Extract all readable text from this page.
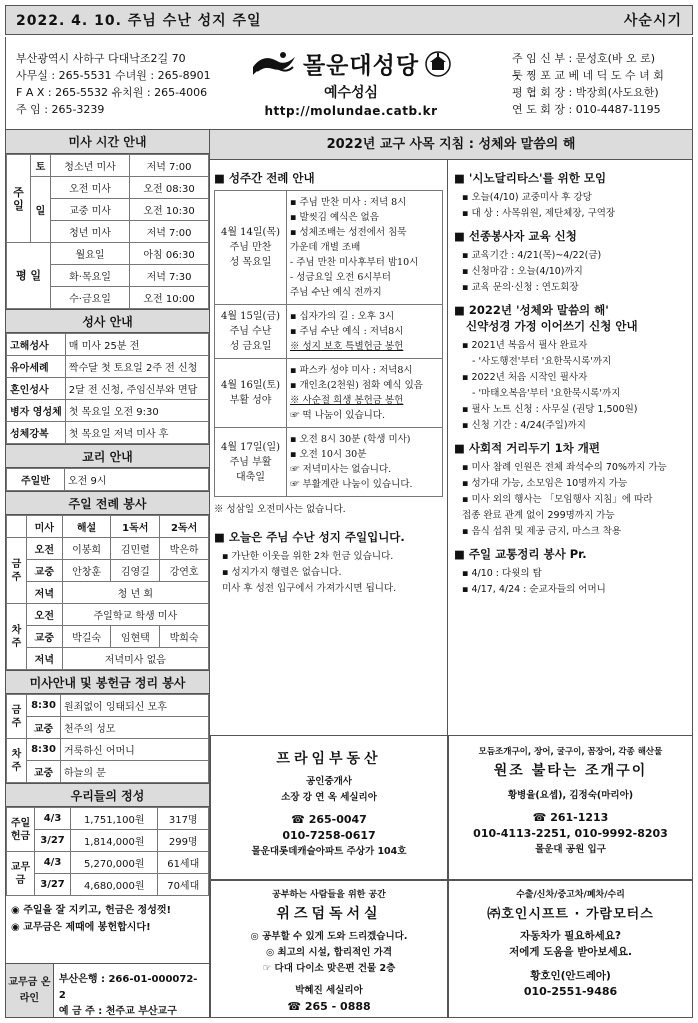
2022. 4. 10. 주님 수난 성지 주일	사순시기
부산광역시 사하구 다대낙조2길 70
사무실 : 265-5531 수녀원 : 265-8901
F A X : 265-5532 유치원 : 265-4006
주 임 : 265-3239
몰운대성당
예수성심
http://molundae.catb.kr
주 임 신 부 : 문성호(바 오 로)
툿 찡 포 교 베 네 딕 도 수 녀 회
평 협 회 장 : 박장희(사도요한)
연 도 회 장 : 010-4487-1195
미사 시간 안내
주 일	토	청소년 미사	저녁 7:00
	일	오전 미사	오전 08:30
		교중 미사	오전 10:30
		청년 미사	저녁 7:00
평 일		월요일	아침 06:30
		화·목요일	저녁 7:30
		수·금요일	오전 10:00
성사 안내
고해성사	매 미사 25분 전
유아세례	짝수달 첫 토요일 2주 전 신청
혼인성사	2달 전 신청, 주임신부와 면담
병자 영성체	첫 목요일 오전 9:30
성체강복	첫 목요일 저녁 미사 후
교리 안내
주일반	오전 9시
주일 전례 봉사
	미사	해설	1독서	2독서
금주	오전	이봉희	김민렬	박은하
	교중	안창훈	김영길	강연호
	저녁	청 년 회		
차주	오전	주일학교 학생 미사		
	교중	박길숙	임현택	박희숙
	저녁	저녁미사 없음		
미사안내 및 봉헌금 정리 봉사
금주	8:30	원죄없이 잉태되신 모후
	교중	천주의 성모
차주	8:30	거룩하신 어머니
	교중	하늘의 문
우리들의 정성
주일헌금	4/3	1,751,100원	317명
	3/27	1,814,000원	299명
교무금	4/3	5,270,000원	61세대
	3/27	4,680,000원	70세대
◉ 주일을 잘 지키고, 헌금은 정성껏!
◉ 교무금은 제때에 봉헌합시다!
교무금 온라인
부산은행 : 266-01-000072-2
예 금 주 : 천주교 부산교구
2022년 교구 사목 지침 : 성체와 말씀의 해
■ 성주간 전례 안내
4월 14일(목)
주님 만찬
성 목요일
▪ 주님 만찬 미사 : 저녁 8시
▪ 발씻김 예식은 없음
▪ 성체조배는 성전에서 침묵
가운데 개별 조배
- 주님 만찬 미사후부터 밤10시
- 성금요일 오전 6시부터
주님 수난 예식 전까지
4월 15일(금)
주님 수난
성 금요일
▪ 십자가의 길 : 오후 3시
▪ 주님 수난 예식 : 저녁8시
※ 성지 보호 특별헌금 봉헌
4월 16일(토)
부활 성야
▪ 파스카 성야 미사 : 저녁8시
▪ 개인초(2천원) 점화 예식 있음
※ 사순절 희생 봉헌금 봉헌
☞ 떡 나눔이 있습니다.
4월 17일(일)
주님 부활
대축일
▪ 오전 8시 30분 (학생 미사)
▪ 오전 10시 30분
☞ 저녁미사는 없습니다.
☞ 부활계란 나눔이 있습니다.
※ 성삼일 오전미사는 없습니다.
■ 오늘은 주님 수난 성지 주일입니다.
▪ 가난한 이웃을 위한 2차 헌금 있습니다.
▪ 성지가지 행렬은 없습니다.
미사 후 성전 입구에서 가져가시면 됩니다.
■ '시노달리타스'를 위한 모임
▪ 오늘(4/10) 교중미사 후 강당
▪ 대 상 : 사목위원, 제단체장, 구역장
■ 선종봉사자 교육 신청
▪ 교육기간 : 4/21(목)~4/22(금)
▪ 신청마감 : 오늘(4/10)까지
▪ 교육 문의·신청 : 연도회장
■ 2022년 '성체와 말씀의 해'
신약성경 가정 이어쓰기 신청 안내
▪ 2021년 복음서 필사 완료자
- '사도행전'부터 '요한묵시록'까지
▪ 2022년 처음 시작인 필사자
- '마태오복음'부터 '요한묵시록'까지
▪ 필사 노트 신청 : 사무실 (권당 1,500원)
▪ 신청 기간 : 4/24(주일)까지
■ 사회적 거리두기 1차 개편
▪ 미사 참례 인원은 전체 좌석수의 70%까지 가능
▪ 성가대 가능, 소모임은 10명까지 가능
▪ 미사 외의 행사는 「모임행사 지침」에 따라
접종 완료 관계 없이 299명까지 가능
▪ 음식 섭취 및 제공 금지, 마스크 착용
■ 주일 교통정리 봉사 Pr.
▪ 4/10 : 다윗의 탑
▪ 4/17, 4/24 : 순교자들의 어머니
프라임부동산
공인중개사
소장 강 연 옥 세실리아
☎ 265-0047
010-7258-0617
몰운대롯데캐슬아파트 주상가 104호
모듬조개구이, 장어, 굴구이, 꼼장어, 각종 해산물
원조 불타는 조개구이
황병율(요셉), 김정숙(마리아)
☎ 261-1213
010-4113-2251, 010-9992-8203
몰운대 공원 입구
공부하는 사람들을 위한 공간
위즈덤독서실
◎ 공부할 수 있게 도와 드리겠습니다.
◎ 최고의 시설, 합리적인 가격
☞ 다대 다이소 맞은편 건물 2층
박혜진 세실리아
☎ 265 - 0888
수출/신차/중고차/폐차/수리
㈜호인시프트 · 가람모터스
자동차가 필요하세요?
저에게 도움을 받아보세요.
황호인(안드레아)
010-2551-9486
